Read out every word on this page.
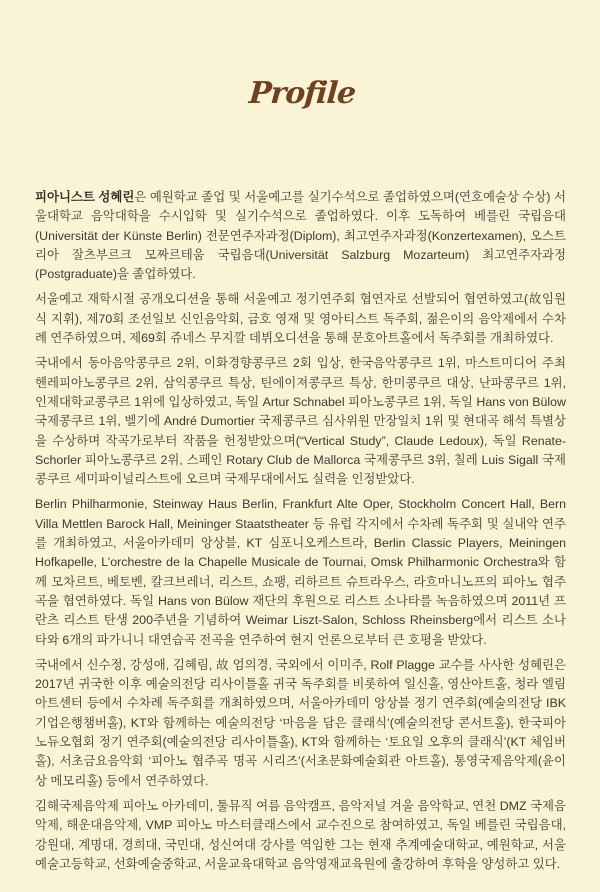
Profile

피아니스트 성혜린은 예원학교 졸업 및 서울예고를 실기수석으로 졸업하였으며(연호예술상 수상) 서울대학교 음악대학을 수시입학 및 실기수석으로 졸업하였다. 이후 도독하여 베를린 국립음대(Universität der Künste Berlin) 전문연주자과정(Diplom), 최고연주자과정(Konzertexamen), 오스트리아 잘츠부르크 모짜르테움 국립음대(Universität Salzburg Mozarteum) 최고연주자과정(Postgraduate)을 졸업하였다.

서울예고 재학시절 공개오디션을 통해 서울예고 정기연주회 협연자로 선발되어 협연하였고(故임원식 지휘), 제70회 조선일보 신인음악회, 금호 영재 및 영아티스트 독주회, 젊은이의 음악제에서 수차례 연주하였으며, 제69회 쥬네스 무지깔 데뷔오디션을 통해 문호아트홀에서 독주회를 개최하였다.

국내에서 동아음악콩쿠르 2위, 이화경향콩쿠르 2회 입상, 한국음악콩쿠르 1위, 마스트미디어 주최 헨레피아노콩쿠르 2위, 삼익콩쿠르 특상, 틴에이져콩쿠르 특상, 한미콩쿠르 대상, 난파콩쿠르 1위, 인제대학교콩쿠르 1위에 입상하였고, 독일 Artur Schnabel 피아노콩쿠르 1위, 독일 Hans von Bülow 국제콩쿠르 1위, 벨기에 André Dumortier 국제콩쿠르 심사위원 만장일치 1위 및 현대곡 해석 특별상을 수상하며 작곡가로부터 작품을 헌정받았으며(“Vertical Study”, Claude Ledoux), 독일 Renate-Schorler 피아노콩쿠르 2위, 스페인 Rotary Club de Mallorca 국제콩쿠르 3위, 칠레 Luis Sigall 국제콩쿠르 세미파이널리스트에 오르며 국제무대에서도 실력을 인정받았다.

Berlin Philharmonie, Steinway Haus Berlin, Frankfurt Alte Oper, Stockholm Concert Hall, Bern Villa Mettlen Barock Hall, Meininger Staatstheater 등 유럽 각지에서 수차례 독주회 및 실내악 연주를 개최하였고, 서울아카데미 앙상블, KT 심포니오케스트라, Berlin Classic Players, Meiningen Hofkapelle, L’orchestre de la Chapelle Musicale de Tournai, Omsk Philharmonic Orchestra와 함께 모차르트, 베토벤, 칼크브레너, 리스트, 쇼팽, 리하르트 슈트라우스, 라흐마니노프의 피아노 협주곡을 협연하였다. 독일 Hans von Bülow 재단의 후원으로 리스트 소나타를 녹음하였으며 2011년 프란츠 리스트 탄생 200주년을 기념하여 Weimar Liszt-Salon, Schloss Rheinsberg에서 리스트 소나타와 6개의 파가니니 대연습곡 전곡을 연주하여 현지 언론으로부터 큰 호평을 받았다.

국내에서 신수정, 강성애, 김혜림, 故 엄의경, 국외에서 이미주, Rolf Plagge 교수를 사사한 성혜린은 2017년 귀국한 이후 예술의전당 리사이틀홀 귀국 독주회를 비롯하여 일신홀, 영산아트홀, 청라 엘림아트센터 등에서 수차례 독주회를 개최하였으며, 서울아카데미 앙상블 정기 연주회(예술의전당 IBK기업은행챔버홀), KT와 함께하는 예술의전당 ‘마음을 담은 클래식’(예술의전당 콘서트홀), 한국피아노듀오협회 정기 연주회(예술의전당 리사이틀홀), KT와 함께하는 ‘토요일 오후의 클래식’(KT 체임버홀), 서초금요음악회 ‘피아노 협주곡 명곡 시리즈’(서초문화예술회관 아트홀), 통영국제음악제(윤이상 메모리홀) 등에서 연주하였다.

김해국제음악제 피아노 아카데미, 툴뮤직 여름 음악캠프, 음악저널 겨울 음악학교, 연천 DMZ 국제음악제, 해운대음악제, VMP 피아노 마스터클래스에서 교수진으로 참여하였고, 독일 베를린 국립음대, 강원대, 계명대, 경희대, 국민대, 성신여대 강사를 역임한 그는 현재 추계예술대학교, 예원학교, 서울예술고등학교, 선화예술중학교, 서울교육대학교 음악영재교육원에 출강하여 후학을 양성하고 있다.
